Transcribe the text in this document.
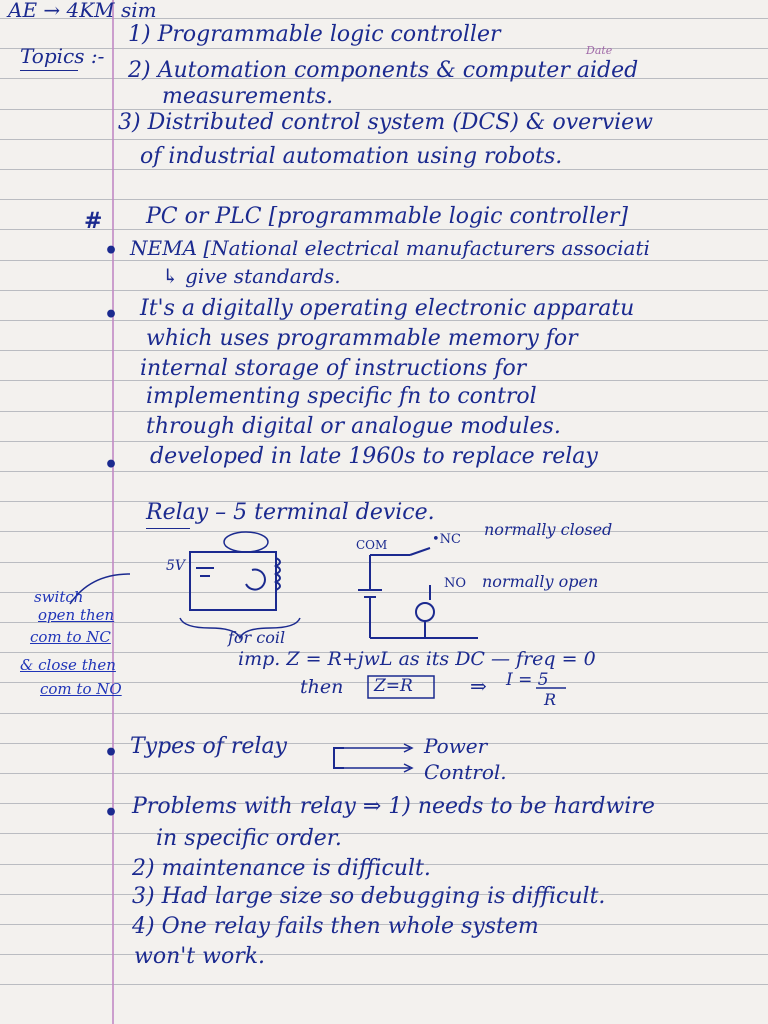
AE → 4KM sim
Topics :-
1) Programmable logic controller
2) Automation components & computer aided
measurements.
3) Distributed control system (DCS) & overview
of industrial automation using robots.
Date
# PC or PLC [programmable logic controller]
• NEMA [National electrical manufacturers associati
↳ give standards.
• It's a digitally operating electronic apparatu
which uses programmable memory for
internal storage of instructions for
implementing specific fn to control
through digital or analogue modules.
• developed in late 1960s to replace relay
Relay – 5 terminal device.
5V
COM	•NC
normally closed
NO normally open
for coil
switch
open then
com to NC
& close then
com to NO
imp. Z = R+jwL as its DC — freq = 0
then Z=R	⇒ I = 5
R
• Types of relay	Power
Control.
• Problems with relay ⇒ 1) needs to be hardwire
in specific order.
2) maintenance is difficult.
3) Had large size so debugging is difficult.
4) One relay fails then whole system
won't work.
